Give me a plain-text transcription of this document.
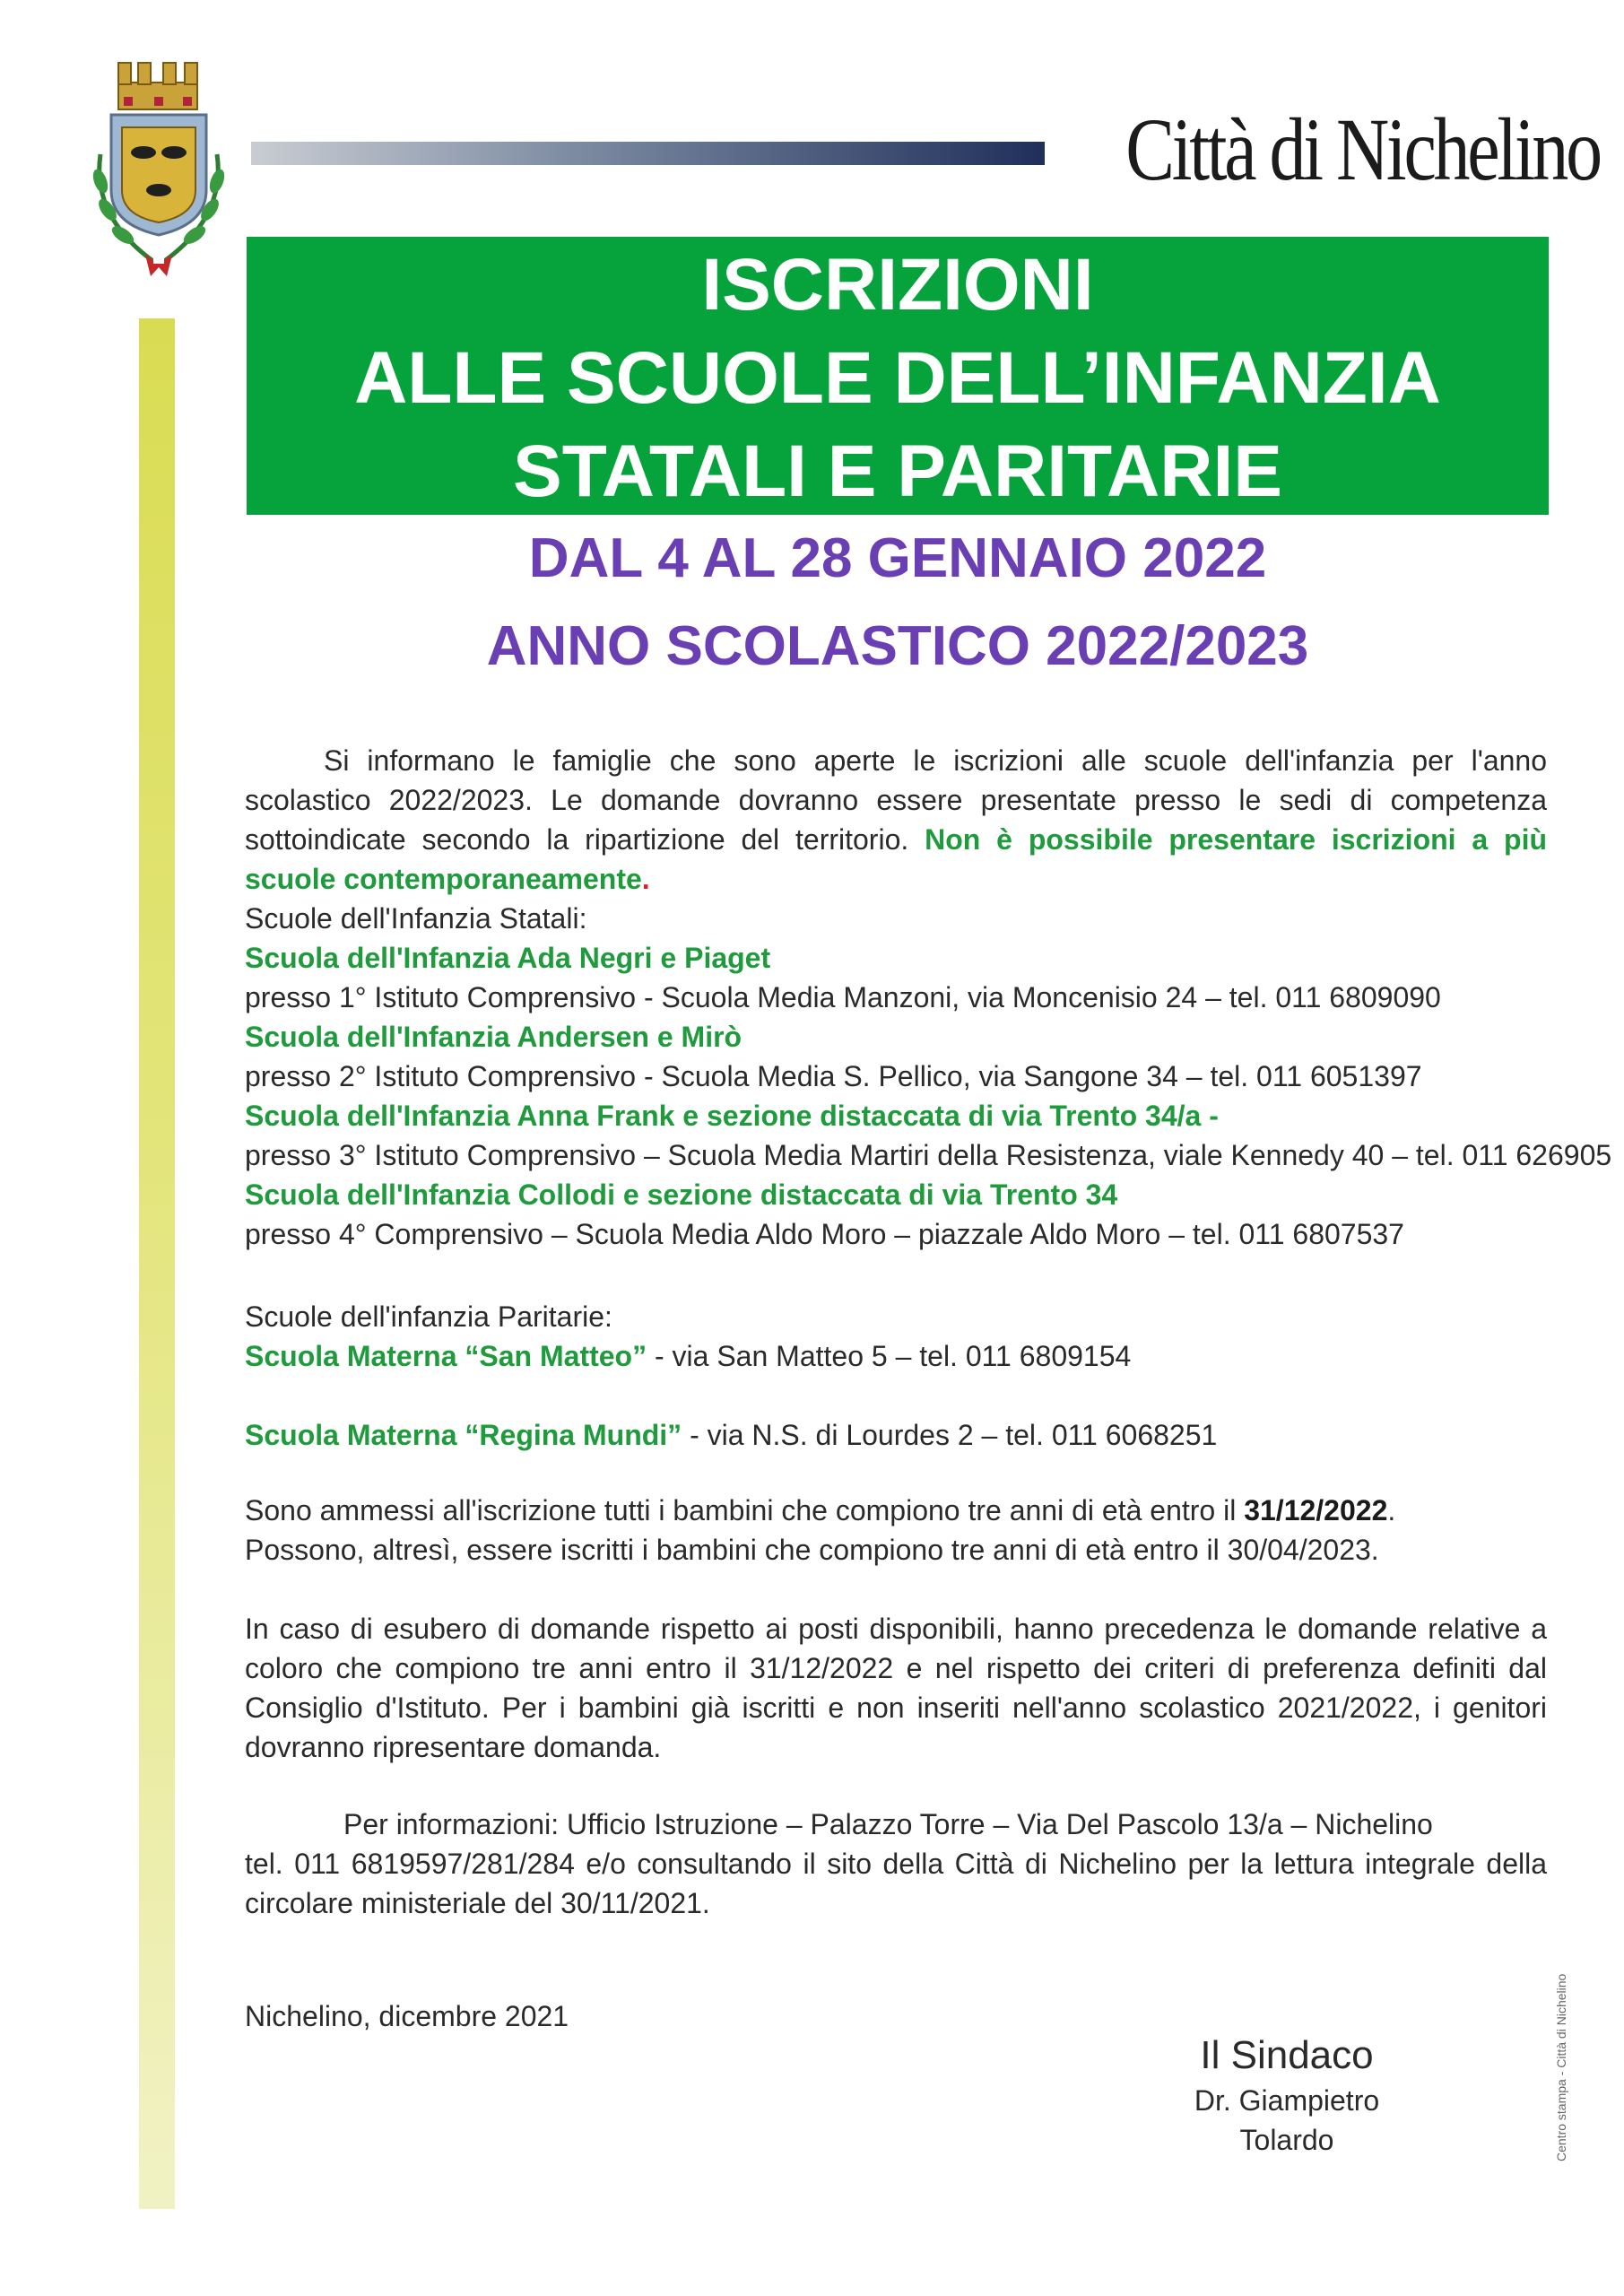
Città di Nichelino
ISCRIZIONI
ALLE SCUOLE DELL’INFANZIA
STATALI E PARITARIE
DAL 4 AL 28 GENNAIO 2022
ANNO SCOLASTICO 2022/2023

Si informano le famiglie che sono aperte le iscrizioni alle scuole dell'infanzia per l'anno scolastico 2022/2023. Le domande dovranno essere presentate presso le sedi di competenza sottoindicate secondo la ripartizione del territorio. Non è possibile presentare iscrizioni a più scuole contemporaneamente.

Scuole dell'Infanzia Statali:
Scuola dell'Infanzia Ada Negri e Piaget
presso 1° Istituto Comprensivo - Scuola Media Manzoni, via Moncenisio 24 – tel. 011 6809090
Scuola dell'Infanzia Andersen e Mirò
presso 2° Istituto Comprensivo - Scuola Media S. Pellico, via Sangone 34 – tel. 011 6051397
Scuola dell'Infanzia Anna Frank e sezione distaccata di via Trento 34/a -
presso 3° Istituto Comprensivo – Scuola Media Martiri della Resistenza, viale Kennedy 40 – tel. 011 626905
Scuola dell'Infanzia Collodi e sezione distaccata di via Trento 34
presso 4° Comprensivo – Scuola Media Aldo Moro – piazzale Aldo Moro – tel. 011 6807537
Scuole dell'infanzia Paritarie:
Scuola Materna “San Matteo” - via San Matteo 5 – tel. 011 6809154
Scuola Materna “Regina Mundi” - via N.S. di Lourdes 2 – tel. 011 6068251
Sono ammessi all'iscrizione tutti i bambini che compiono tre anni di età entro il 31/12/2022.
Possono, altresì, essere iscritti i bambini che compiono tre anni di età entro il 30/04/2023.

In caso di esubero di domande rispetto ai posti disponibili, hanno precedenza le domande relative a coloro che compiono tre anni entro il 31/12/2022 e nel rispetto dei criteri di preferenza definiti dal Consiglio d'Istituto. Per i bambini già iscritti e non inseriti nell'anno scolastico 2021/2022, i genitori dovranno ripresentare domanda.

Per informazioni: Ufficio Istruzione – Palazzo Torre – Via Del Pascolo 13/a – Nichelino

tel. 011 6819597/281/284 e/o consultando il sito della Città di Nichelino per la lettura integrale della circolare ministeriale del 30/11/2021.

Nichelino, dicembre 2021
Il Sindaco
Dr. Giampietro Tolardo	Centro stampa - Città di Nichelino
